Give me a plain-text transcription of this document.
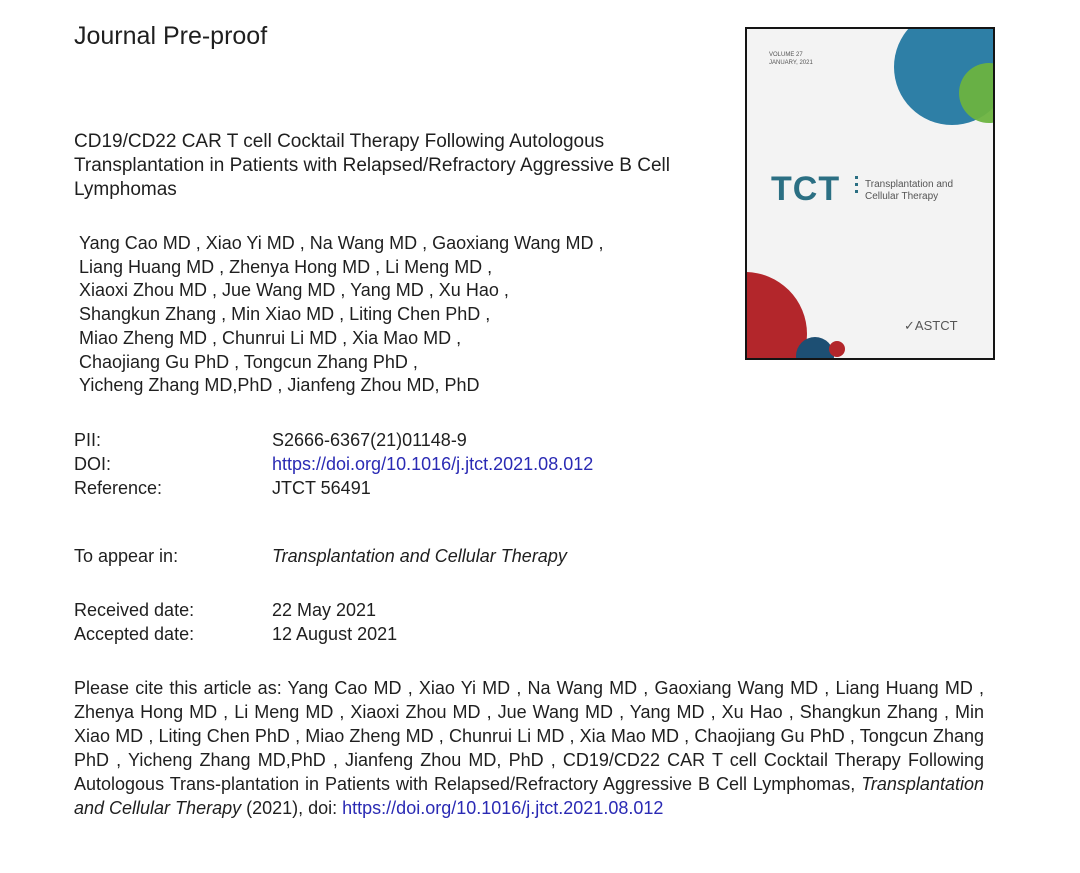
Journal Pre-proof
CD19/CD22 CAR T cell Cocktail Therapy Following Autologous Transplantation in Patients with Relapsed/Refractory Aggressive B Cell Lymphomas
Yang Cao MD , Xiao Yi MD , Na Wang MD , Gaoxiang Wang MD ,
Liang Huang MD , Zhenya Hong MD , Li Meng MD ,
Xiaoxi Zhou MD , Jue Wang MD , Yang MD , Xu Hao ,
Shangkun Zhang , Min Xiao MD , Liting Chen PhD ,
Miao Zheng MD , Chunrui Li MD , Xia Mao MD ,
Chaojiang Gu PhD , Tongcun Zhang PhD ,
Yicheng Zhang MD,PhD , Jianfeng Zhou MD, PhD
PII:	S2666-6367(21)01148-9
DOI:	https://doi.org/10.1016/j.jtct.2021.08.012
Reference:	JTCT 56491
To appear in:	Transplantation and Cellular Therapy
Received date:	22 May 2021
Accepted date:	12 August 2021
Please cite this article as: Yang Cao MD , Xiao Yi MD , Na Wang MD , Gaoxiang Wang MD , Liang Huang MD , Zhenya Hong MD , Li Meng MD , Xiaoxi Zhou MD , Jue Wang MD , Yang MD , Xu Hao , Shangkun Zhang , Min Xiao MD , Liting Chen PhD , Miao Zheng MD , Chunrui Li MD , Xia Mao MD , Chaojiang Gu PhD , Tongcun Zhang PhD , Yicheng Zhang MD,PhD , Jianfeng Zhou MD, PhD , CD19/CD22 CAR T cell Cocktail Therapy Following Autologous Trans-plantation in Patients with Relapsed/Refractory Aggressive B Cell Lymphomas, Transplantation and Cellular Therapy (2021), doi: https://doi.org/10.1016/j.jtct.2021.08.012
VOLUME 27
JANUARY, 2021
TCT Transplantation and Cellular Therapy
✓ASTCT
